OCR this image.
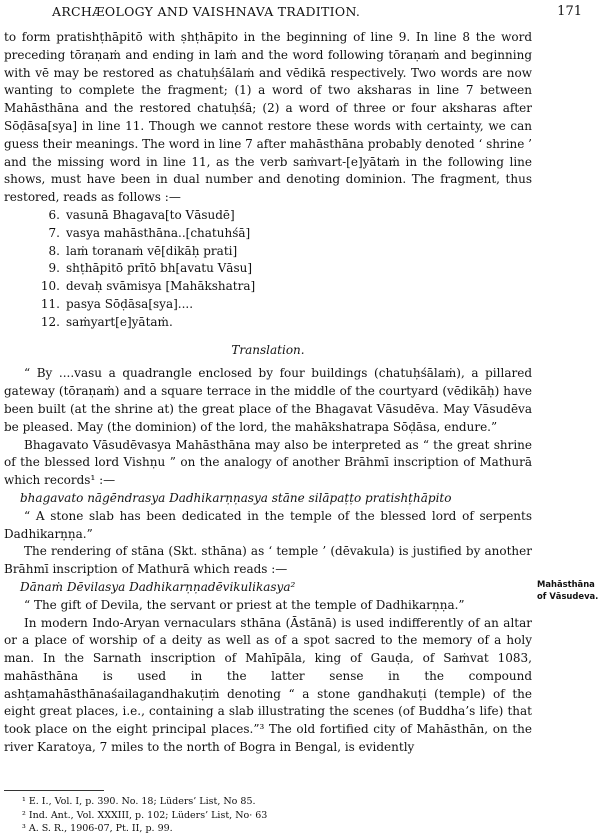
ARCHÆOLOGY AND VAISHNAVA TRADITION.	171

to form pratishṭhāpitō with ṣhṭhāpito in the beginning of line 9. In line 8 the word preceding tōraṇaṁ and ending in laṁ and the word following tōraṇaṁ and beginning with vē may be restored as chatuḥśālaṁ and vēdikā respectively. Two words are now wanting to complete the fragment; (1) a word of two aksharas in line 7 between Mahāsthāna and the restored chatuḥśā; (2) a word of three or four aksharas after Sōḍāsa[sya] in line 11. Though we cannot restore these words with certainty, we can guess their meanings. The word in line 7 after mahāsthāna probably denoted ‘ shrine ’ and the missing word in line 11, as the verb saṁvart-[e]yātaṁ in the following line shows, must have been in dual number and denoting dominion. The fragment, thus restored, reads as follows :—

6. vasunā Bhagava[to Vāsudē]
7. vasya mahāsthāna..[chatuhśā]
8. laṁ toranaṁ vē[dikāḥ prati]
9. shṭhāpitō prītō bh[avatu Vāsu]
10. devaḥ svāmisya [Mahākshatra]
11. pasya Sōḍāsa[sya]....
12. saṁyart[e]yātaṁ.
Translation.

“ By ....vasu a quadrangle enclosed by four buildings (chatuḥśālaṁ), a pillared gateway (tōraṇaṁ) and a square terrace in the middle of the courtyard (vēdikāḥ) have been built (at the shrine at) the great place of the Bhagavat Vāsudēva. May Vāsudēva be pleased. May (the dominion) of the lord, the mahākshatrapa Sōḍāsa, endure.”

Bhagavato Vāsudēvasya Mahāsthāna may also be interpreted as “ the great shrine of the blessed lord Vishṇu ” on the analogy of another Brāhmī inscription of Mathurā which records¹ :—

bhagavato nāgēndrasya Dadhikarṇṇasya stāne silāpaṭṭo pratishṭhāpito

“ A stone slab has been dedicated in the temple of the blessed lord of serpents Dadhikarṇṇa.”

The rendering of stāna (Skt. sthāna) as ‘ temple ’ (dēvakula) is justified by another Brāhmī inscription of Mathurā which reads :—

Dānaṁ Dēvilasya Dadhikarṇṇadēvikulikasya²

“ The gift of Devila, the servant or priest at the temple of Dadhikarṇṇa.”

In modern Indo-Aryan vernaculars sthāna (Āstānā) is used indifferently of an altar or a place of worship of a deity as well as of a spot sacred to the memory of a holy man. In the Sarnath inscription of Mahīpāla, king of Gauḍa, of Saṁvat 1083, mahāsthāna is used in the latter sense in the compound ashṭamahāsthānaśailagandhakuṭiṁ denoting “ a stone gandhakuṭi (temple) of the eight great places, i.e., containing a slab illustrating the scenes (of Buddha’s life) that took place on the eight principal places.”³ The old fortified city of Mahāsthān, on the river Karatoya, 7 miles to the north of Bogra in Bengal, is evidently

Mahāsthāna of Vāsudeva.
¹ E. I., Vol. I, p. 390. No. 18; Lüders’ List, No 85.
² Ind. Ant., Vol. XXXIII, p. 102; Lüders’ List, No· 63
³ A. S. R., 1906-07, Pt. II, p. 99.
